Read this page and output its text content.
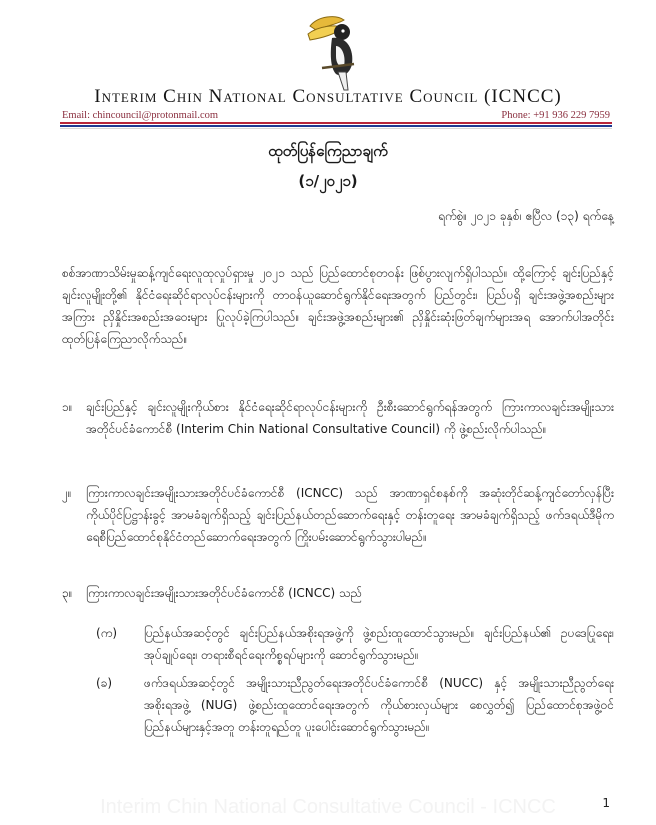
Interim Chin National Consultative Council (ICNCC)
Email: chincouncil@protonmail.com	Phone: +91 936 229 7959
ထုတ်ပြန်ကြေညာချက်
(၁/၂၀၂၁)
ရက်စွဲ။ ၂၀၂၁ ခုနှစ်၊ ဧပြီလ (၁၃) ရက်နေ့

စစ်အာဏာသိမ်းမှုဆန့်ကျင်ရေးလူထုလှုပ်ရှားမှု ၂၀၂၁ သည် ပြည်ထောင်စုတဝန်း ဖြစ်ပွားလျက်ရှိပါသည်။ ထို့ကြောင့် ချင်းပြည်နှင့် ချင်းလူမျိုးတို့၏ နိုင်ငံရေးဆိုင်ရာလုပ်ငန်းများကို တာဝန်ယူဆောင်ရွက်နိုင်ရေးအတွက် ပြည်တွင်း၊ ပြည်ပရှိ ချင်းအဖွဲ့အစည်းများအကြား ညှိနှိုင်းအစည်းအဝေးများ ပြုလုပ်ခဲ့ကြပါသည်။ ချင်းအဖွဲ့အစည်းများ၏ ညှိနှိုင်းဆုံးဖြတ်ချက်များအရ အောက်ပါအတိုင်း ထုတ်ပြန်ကြေညာလိုက်သည်။

၁။	ချင်းပြည်နှင့် ချင်းလူမျိုးကိုယ်စား နိုင်ငံရေးဆိုင်ရာလုပ်ငန်းများကို ဦးစီးဆောင်ရွက်ရန်အတွက် ကြားကာလချင်းအမျိုးသားအတိုင်ပင်ခံကောင်စီ (Interim Chin National Consultative Council) ကို ဖွဲ့စည်းလိုက်ပါသည်။
၂။	ကြားကာလချင်းအမျိုးသားအတိုင်ပင်ခံကောင်စီ (ICNCC) သည် အာဏာရှင်စနစ်ကို အဆုံးတိုင်ဆန့်ကျင်တော်လှန်ပြီး ကိုယ်ပိုင်ပြဋ္ဌာန်းခွင့် အာမခံချက်ရှိသည့် ချင်းပြည်နယ်တည်ဆောက်ရေးနှင့် တန်းတူရေး အာမခံချက်ရှိသည့် ဖက်ဒရယ်ဒီမိုကရေစီပြည်ထောင်စုနိုင်ငံတည်ဆောက်ရေးအတွက် ကြိုးပမ်းဆောင်ရွက်သွားပါမည်။
၃။	ကြားကာလချင်းအမျိုးသားအတိုင်ပင်ခံကောင်စီ (ICNCC) သည်
(က)	ပြည်နယ်အဆင့်တွင် ချင်းပြည်နယ်အစိုးရအဖွဲ့ကို ဖွဲ့စည်းထူထောင်သွားမည်။ ချင်းပြည်နယ်၏ ဥပဒေပြုရေး၊ အုပ်ချုပ်ရေး၊ တရားစီရင်ရေးကိစ္စရပ်များကို ဆောင်ရွက်သွားမည်။
(ခ)	ဖက်ဒရယ်အဆင့်တွင် အမျိုးသားညီညွတ်ရေးအတိုင်ပင်ခံကောင်စီ (NUCC) နှင့် အမျိုးသားညီညွတ်ရေးအစိုးရအဖွဲ့ (NUG) ဖွဲ့စည်းထူထောင်ရေးအတွက် ကိုယ်စားလှယ်များ စေလွှတ်၍ ပြည်ထောင်စုအဖွဲ့ဝင်ပြည်နယ်များနှင့်အတူ တန်းတူရည်တူ ပူးပေါင်းဆောင်ရွက်သွားမည်။
Interim Chin National Consultative Council - ICNCC	1
